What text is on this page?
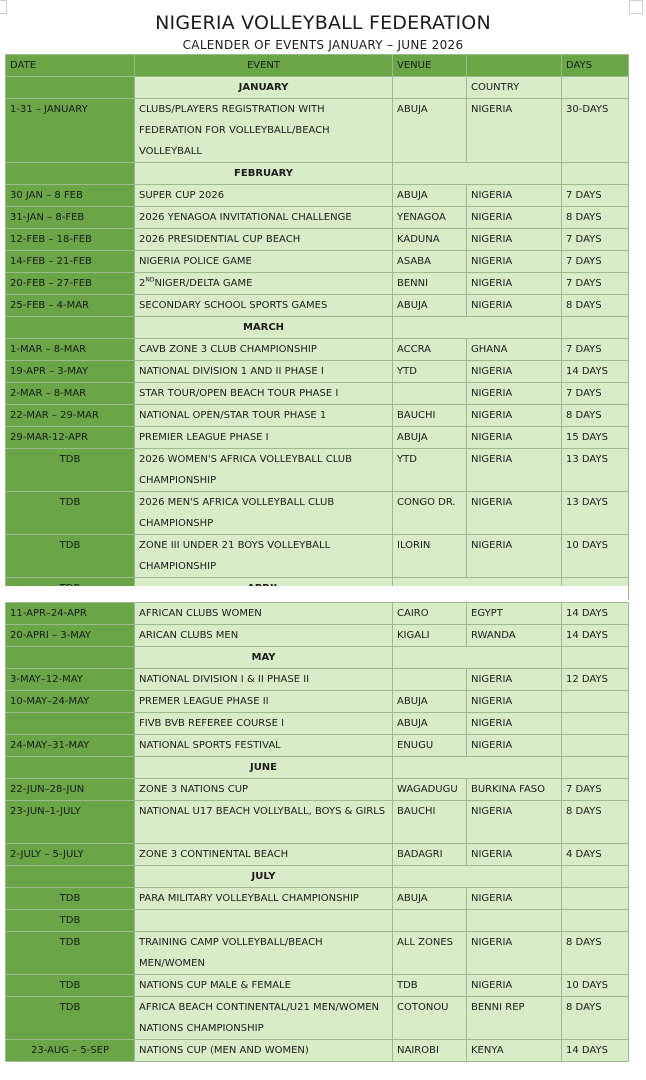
NIGERIA VOLLEYBALL FEDERATION
CALENDER OF EVENTS JANUARY – JUNE 2026
DATE	EVENT	VENUE		DAYS
	JANUARY		COUNTRY	
1-31 – JANUARY	CLUBS/PLAYERS REGISTRATION WITH FEDERATION FOR VOLLEYBALL/BEACH VOLLEYBALL	ABUJA	NIGERIA	30-DAYS
	FEBRUARY			
30 JAN – 8 FEB	SUPER CUP 2026	ABUJA	NIGERIA	7 DAYS
31-JAN – 8-FEB	2026 YENAGOA INVITATIONAL CHALLENGE	YENAGOA	NIGERIA	8 DAYS
12-FEB – 18-FEB	2026 PRESIDENTIAL CUP BEACH	KADUNA	NIGERIA	7 DAYS
14-FEB – 21-FEB	NIGERIA POLICE GAME	ASABA	NIGERIA	7 DAYS
20-FEB – 27-FEB	2NDNIGER/DELTA GAME	BENNI	NIGERIA	7 DAYS
25-FEB – 4-MAR	SECONDARY SCHOOL SPORTS GAMES	ABUJA	NIGERIA	8 DAYS
	MARCH			
1-MAR – 8-MAR	CAVB ZONE 3 CLUB CHAMPIONSHIP	ACCRA	GHANA	7 DAYS
19-APR – 3-MAY	NATIONAL DIVISION 1 AND II PHASE I	YTD	NIGERIA	14 DAYS
2-MAR – 8-MAR	STAR TOUR/OPEN BEACH TOUR PHASE I		NIGERIA	7 DAYS
22-MAR – 29-MAR	NATIONAL OPEN/STAR TOUR PHASE 1	BAUCHI	NIGERIA	8 DAYS
29-MAR-12-APR	PREMIER LEAGUE PHASE I	ABUJA	NIGERIA	15 DAYS
TDB	2026 WOMEN'S AFRICA VOLLEYBALL CLUB CHAMPIONSHIP	YTD	NIGERIA	13 DAYS
TDB	2026 MEN'S AFRICA VOLLEYBALL CLUB CHAMPIONSHP	CONGO DR.	NIGERIA	13 DAYS
TDB	ZONE III UNDER 21 BOYS VOLLEYBALL CHAMPIONSHIP	ILORIN	NIGERIA	10 DAYS

11-APR–24-APR	AFRICAN CLUBS WOMEN	CAIRO	EGYPT	14 DAYS
20-APRI – 3-MAY	ARICAN CLUBS MEN	KIGALI	RWANDA	14 DAYS
	MAY			
3-MAY–12-MAY	NATIONAL DIVISION I & II PHASE II		NIGERIA	12 DAYS
10-MAY–24-MAY	PREMER LEAGUE PHASE II	ABUJA	NIGERIA	
	FIVB BVB REFEREE COURSE I	ABUJA	NIGERIA	
24-MAY–31-MAY	NATIONAL SPORTS FESTIVAL	ENUGU	NIGERIA	
	JUNE			
22-JUN–28-JUN	ZONE 3 NATIONS CUP	WAGADUGU	BURKINA FASO	7 DAYS
23-JUN–1-JULY	NATIONAL U17 BEACH VOLLYBALL, BOYS & GIRLS	BAUCHI	NIGERIA	8 DAYS
2-JULY – 5-JULY	ZONE 3 CONTINENTAL BEACH	BADAGRI	NIGERIA	4 DAYS
	JULY			
TDB	PARA MILITARY VOLLEYBALL CHAMPIONSHIP	ABUJA	NIGERIA	
TDB				
TDB	TRAINING CAMP VOLLEYBALL/BEACH MEN/WOMEN	ALL ZONES	NIGERIA	8 DAYS
TDB	NATIONS CUP MALE & FEMALE	TDB	NIGERIA	10 DAYS
TDB	AFRICA BEACH CONTINENTAL/U21 MEN/WOMEN NATIONS CHAMPIONSHIP	COTONOU	BENNI REP	8 DAYS
23-AUG – 5-SEP	NATIONS CUP (MEN AND WOMEN)	NAIROBI	KENYA	14 DAYS
